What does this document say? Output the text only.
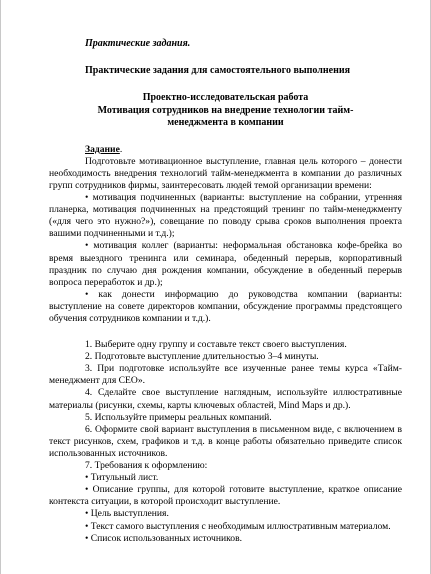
Практические задания.

Практические задания для самостоятельного выполнения

Проектно-исследовательская работа

Мотивация сотрудников на внедрение технологии тайм-

менеджмента в компании

Задание.

Подготовьте мотивационное выступление, главная цель которого – донести необходимость внедрения технологий тайм-менеджмента в компании до различных групп сотрудников фирмы, заинтересовать людей темой организации времени:

• мотивация подчиненных (варианты: выступление на собрании, утренняя планерка, мотивация подчиненных на предстоящий тренинг по тайм-менеджменту («для чего это нужно?»), совещание по поводу срыва сроков выполнения проекта вашими подчиненными и т.д.);

• мотивация коллег (варианты: неформальная обстановка кофе-брейка во время выездного тренинга или семинара, обеденный перерыв, корпоративный праздник по случаю дня рождения компании, обсуждение в обеденный перерыв вопроса переработок и др.);

• как донести информацию до руководства компании (варианты: выступление на совете директоров компании, обсуждение программы предстоящего обучения сотрудников компании и т.д.).

1. Выберите одну группу и составьте текст своего выступления.

2. Подготовьте выступление длительностью 3–4 минуты.

3. При подготовке используйте все изученные ранее темы курса «Тайм-менеджмент для CEO».

4. Сделайте свое выступление наглядным, используйте иллюстративные материалы (рисунки, схемы, карты ключевых областей, Mind Maps и др.).

5. Используйте примеры реальных компаний.

6. Оформите свой вариант выступления в письменном виде, с включением в текст рисунков, схем, графиков и т.д. в конце работы обязательно приведите список использованных источников.

7. Требования к оформлению:

• Титульный лист.

• Описание группы, для которой готовите выступление, краткое описание контекста ситуации, в которой происходит выступление.

• Цель выступления.

• Текст самого выступления с необходимым иллюстративным материалом.

• Список использованных источников.
